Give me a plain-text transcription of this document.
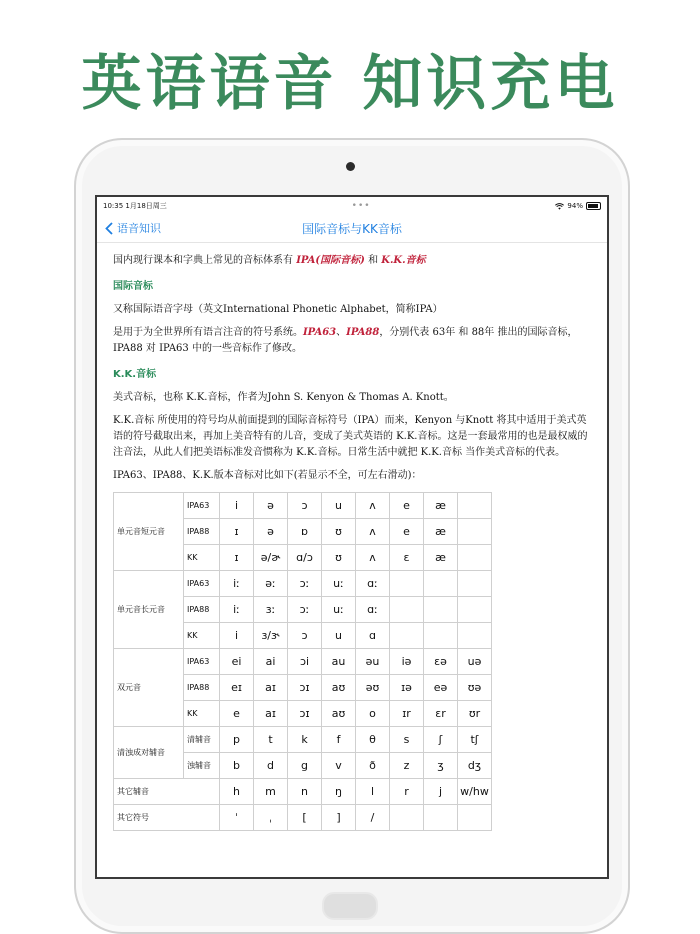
英语语音 知识充电
10:35 1月18日周三	•••	94%
语音知识	国际音标与KK音标

国内现行课本和字典上常见的音标体系有 IPA(国际音标) 和 K.K.音标

国际音标

又称国际语音字母（英文International Phonetic Alphabet，简称IPA）

是用于为全世界所有语言注音的符号系统。IPA63、IPA88，分别代表 63年 和 88年 推出的国际音标，IPA88 对 IPA63 中的一些音标作了修改。

K.K.音标

美式音标，也称 K.K.音标，作者为John S. Kenyon & Thomas A. Knott。

K.K.音标 所使用的符号均从前面提到的国际音标符号（IPA）而来，Kenyon 与Knott 将其中适用于美式英语的符号截取出来，再加上美音特有的儿音，变成了美式英语的 K.K.音标。这是一套最常用的也是最权威的注音法，从此人们把美语标准发音惯称为 K.K.音标。日常生活中就把 K.K.音标 当作美式音标的代表。

IPA63、IPA88、K.K.版本音标对比如下(若显示不全，可左右滑动)：

单元音短元音	IPA63	i	ə	ɔ	u	ʌ	e	æ	
	IPA88	ɪ	ə	ɒ	ʊ	ʌ	e	æ	
	KK	ɪ	ə/ɚ	ɑ/ɔ	ʊ	ʌ	ɛ	æ	
单元音长元音	IPA63	iː	əː	ɔː	uː	ɑː			
	IPA88	iː	ɜː	ɔː	uː	ɑː			
	KK	i	ɜ/ɝ	ɔ	u	ɑ			
双元音	IPA63	ei	ai	ɔi	au	əu	iə	ɛə	uə
	IPA88	eɪ	aɪ	ɔɪ	aʊ	əʊ	ɪə	eə	ʊə
	KK	e	aɪ	ɔɪ	aʊ	o	ɪr	ɛr	ʊr
清浊成对辅音	清辅音	p	t	k	f	θ	s	ʃ	tʃ
	浊辅音	b	d	g	v	ð	z	ʒ	dʒ
其它辅音		h	m	n	ŋ	l	r	j	w/hw
其它符号		ˈ	ˌ	[	]	/			
